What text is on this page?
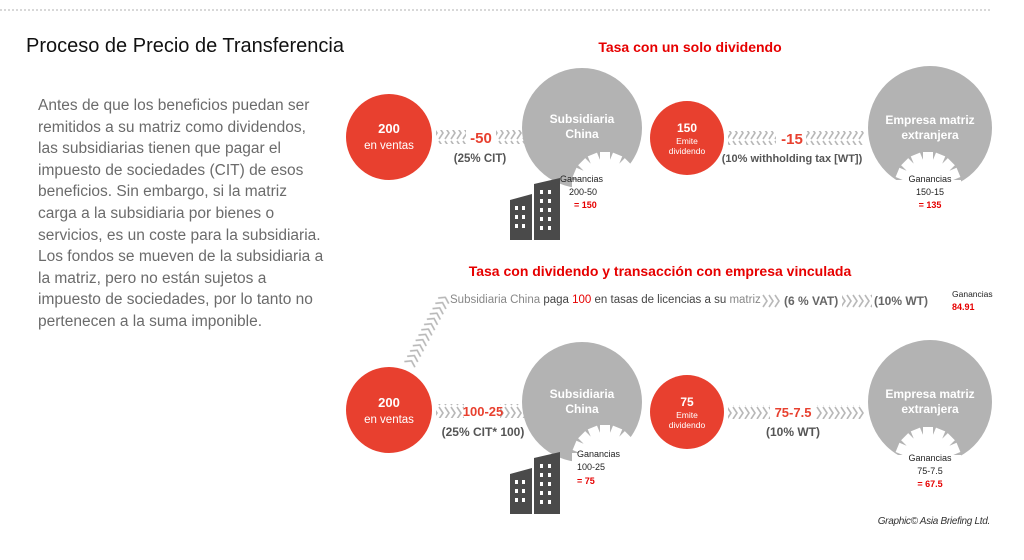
Proceso de Precio de Transferencia
Antes de que los beneficios puedan ser remitidos a su matriz como dividendos, las subsidiarias tienen que pagar el impuesto de sociedades (CIT) de esos beneficios. Sin embargo, si la matriz carga a la subsidiaria por bienes o servicios, es un coste para la subsidiaria. Los fondos se mueven de la subsidiaria a la matriz, pero no están sujetos a impuesto de sociedades, por lo tanto no pertenecen a la suma imponible.
Tasa con un solo dividendo
200
en ventas	-50
(25% CIT)
Subsidiaria
China	150
Emite
dividendo
-15
(10% withholding tax [WT])
Empresa matriz
extranjera
Ganancias
200-50
= 150
Ganancias
150-15
= 135
Tasa con dividendo y transacción con empresa vinculada
Subsidiaria China paga 100 en tasas de licencias a su matriz (6 % VAT)	(10% WT)	Ganancias
84.91
200
en ventas
100-25
(25% CIT* 100)
Subsidiaria
China	75
Emite
dividendo
75-7.5
(10% WT)
Empresa matriz
extranjera
Ganancias
100-25
= 75
Ganancias
75-7.5
= 67.5
Graphic© Asia Briefing Ltd.
